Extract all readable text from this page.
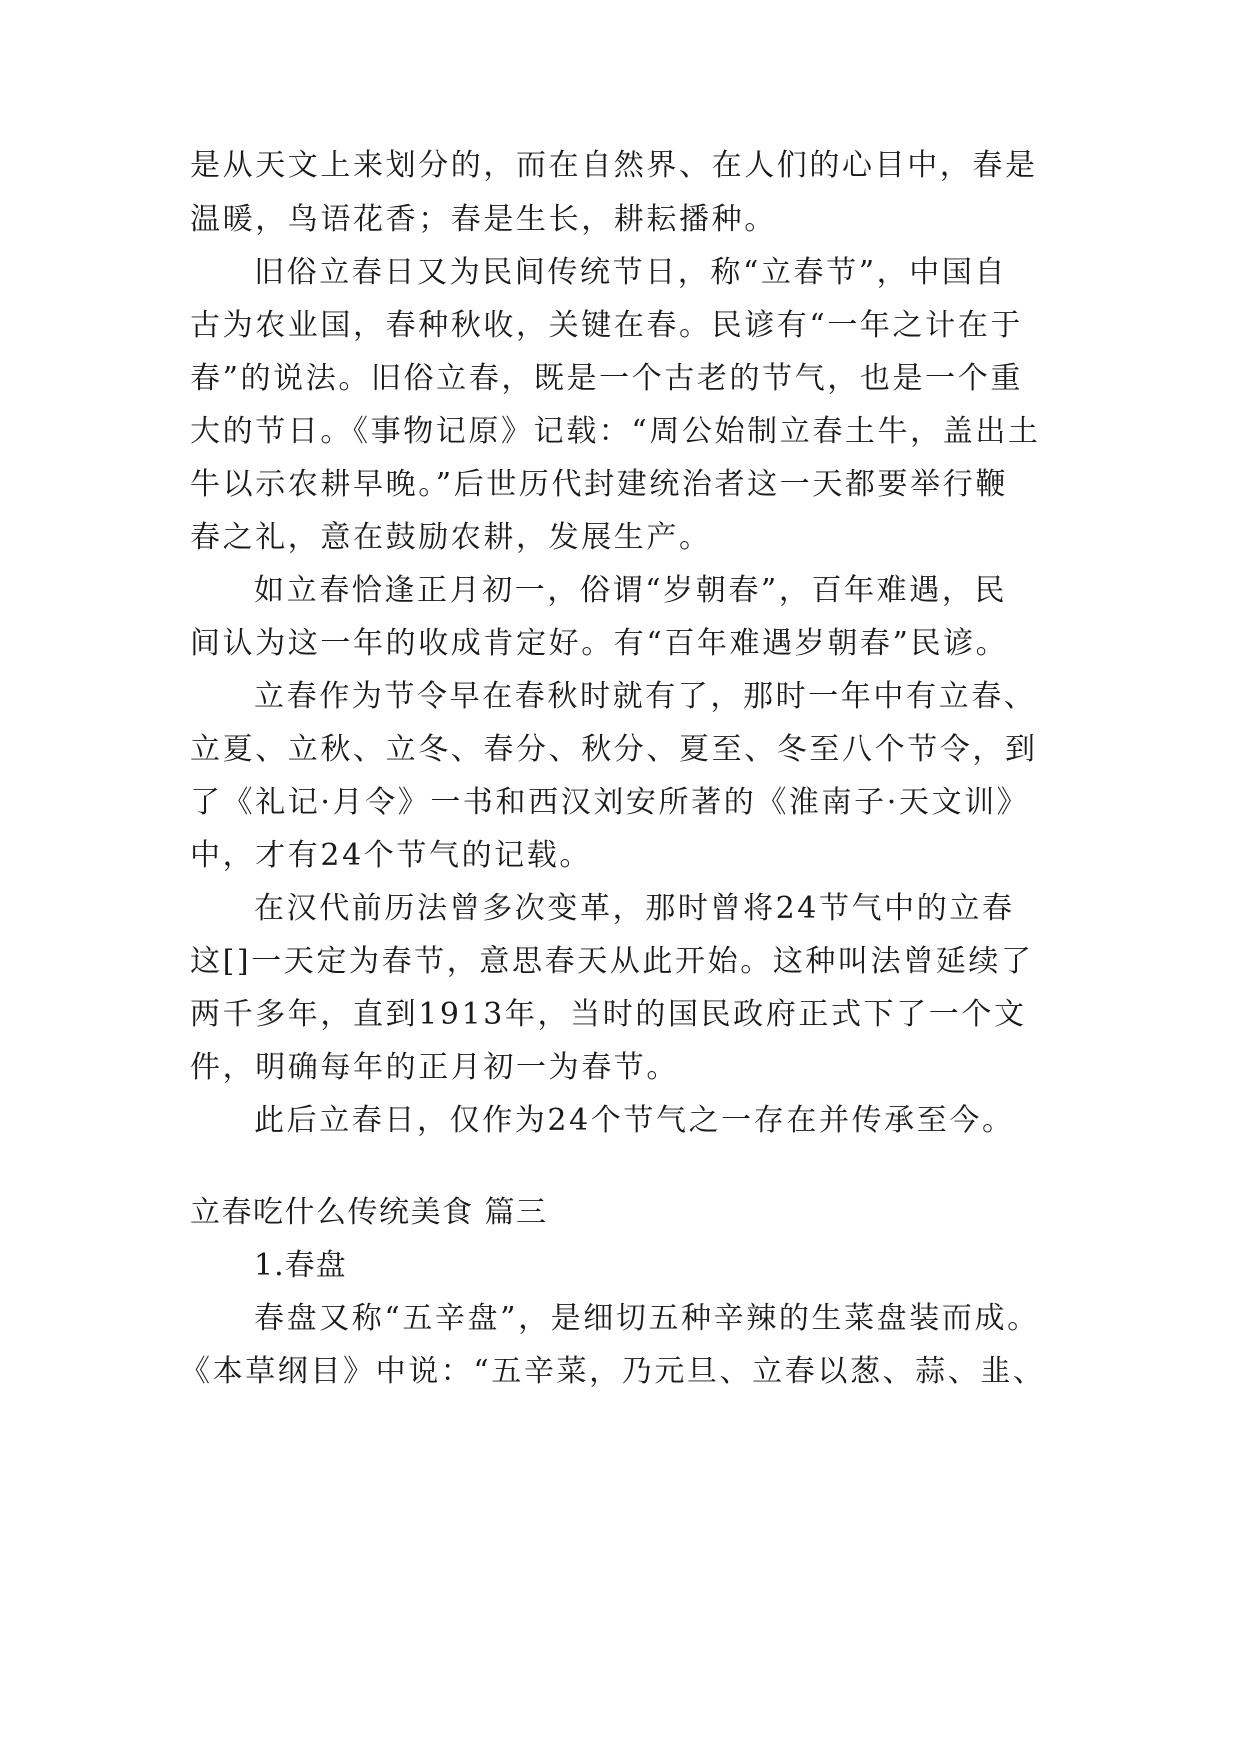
是从天文上来划分的，而在自然界、在人们的心目中，春是

温暖，鸟语花香；春是生长，耕耘播种。

旧俗立春日又为民间传统节日，称“立春节”，中国自

古为农业国，春种秋收，关键在春。民谚有“一年之计在于

春”的说法。旧俗立春，既是一个古老的节气，也是一个重

大的节日。《事物记原》记载：“周公始制立春土牛，盖出土

牛以示农耕早晚。”后世历代封建统治者这一天都要举行鞭

春之礼，意在鼓励农耕，发展生产。

如立春恰逢正月初一，俗谓“岁朝春”，百年难遇，民

间认为这一年的收成肯定好。有“百年难遇岁朝春”民谚。

立春作为节令早在春秋时就有了，那时一年中有立春、

立夏、立秋、立冬、春分、秋分、夏至、冬至八个节令，到

了《礼记·月令》一书和西汉刘安所著的《淮南子·天文训》

中，才有24个节气的记载。

在汉代前历法曾多次变革，那时曾将24节气中的立春

这[]一天定为春节，意思春天从此开始。这种叫法曾延续了

两千多年，直到1913年，当时的国民政府正式下了一个文

件，明确每年的正月初一为春节。

此后立春日，仅作为24个节气之一存在并传承至今。

立春吃什么传统美食 篇三

1.春盘

春盘又称“五辛盘”，是细切五种辛辣的生菜盘装而成。

《本草纲目》中说：“五辛菜，乃元旦、立春以葱、蒜、韭、
